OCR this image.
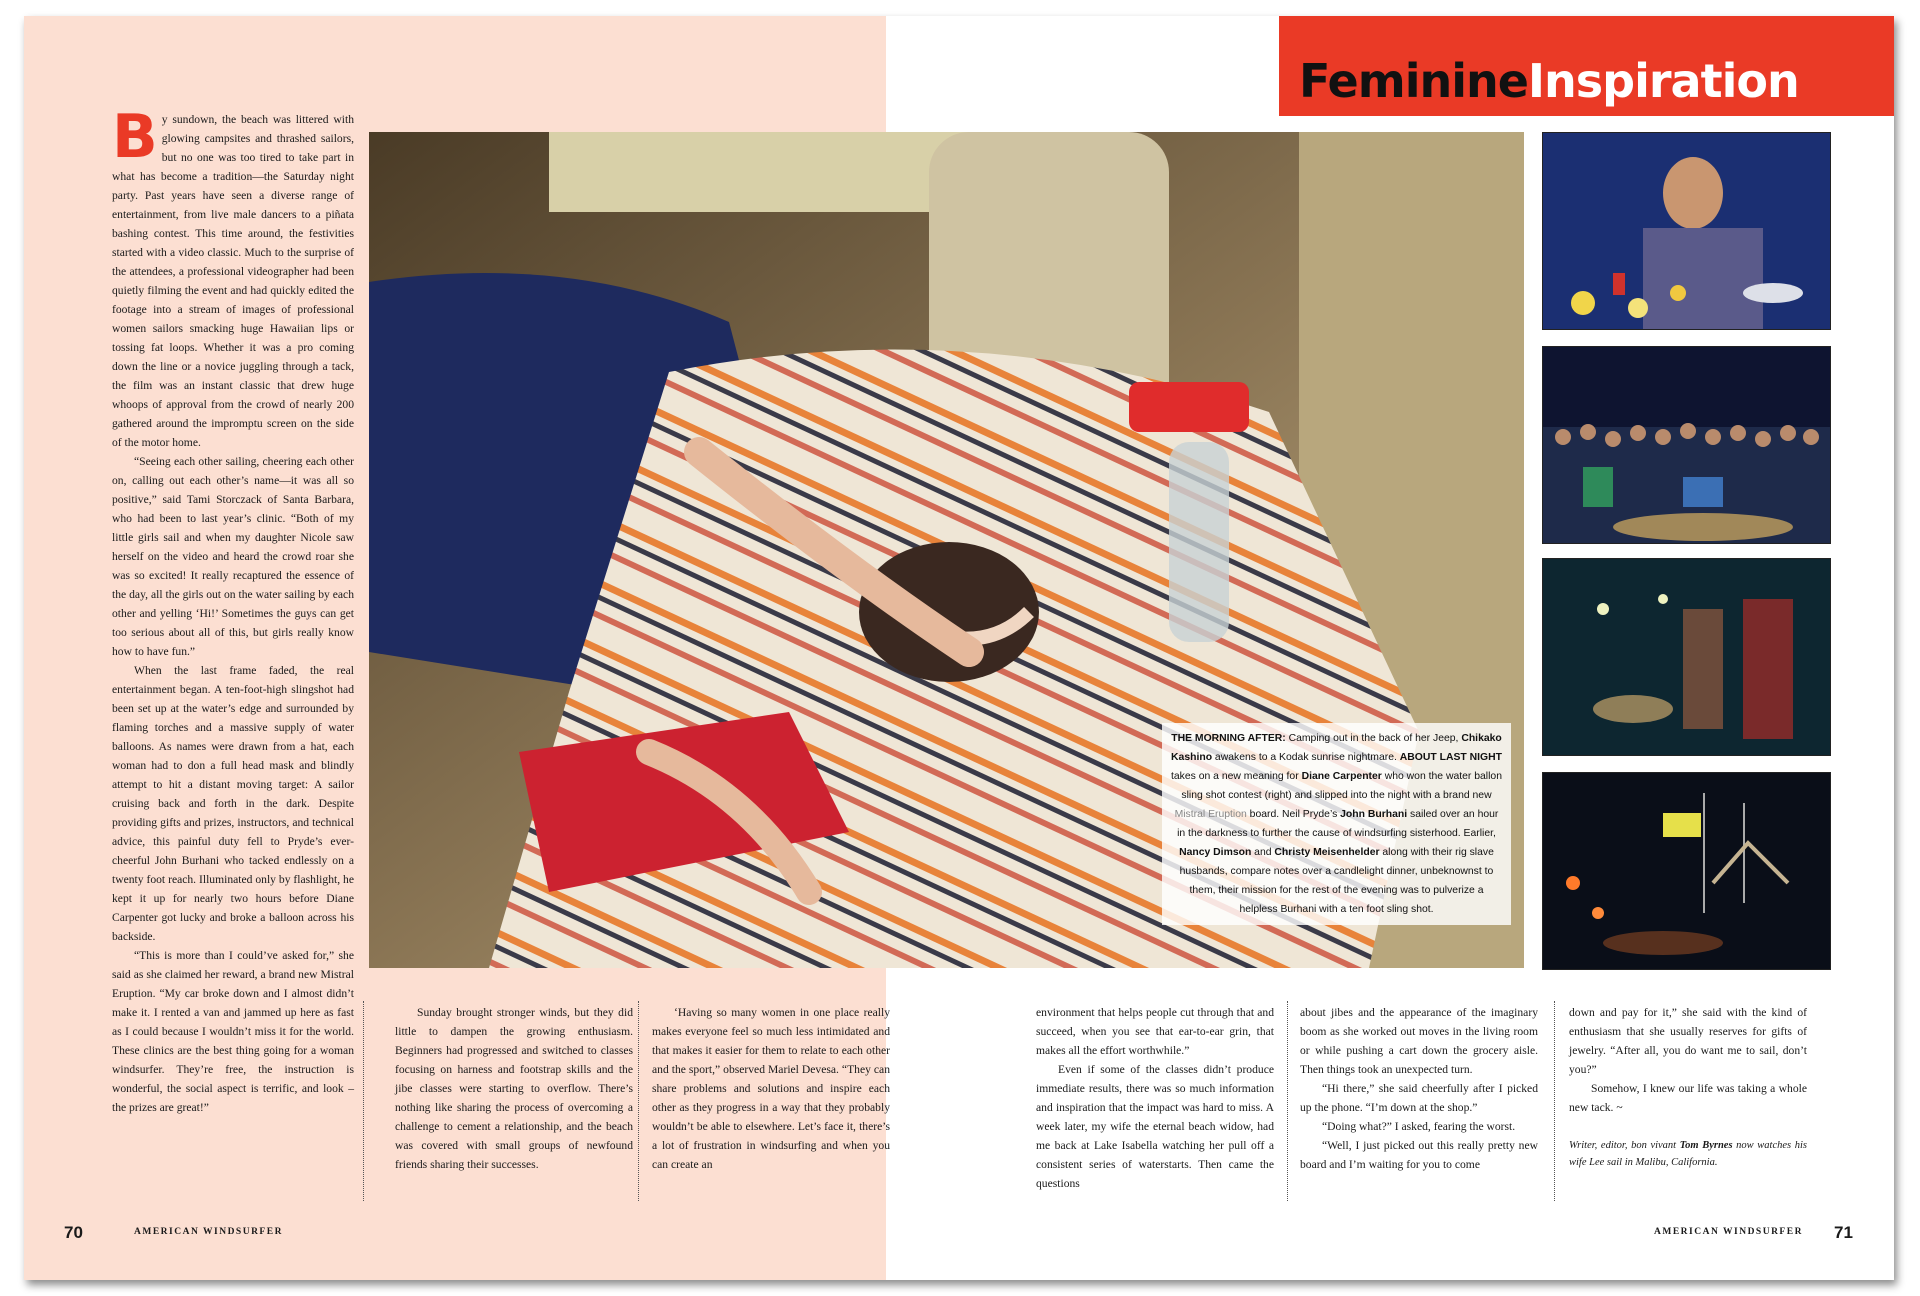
FeminineInspiration

By sundown, the beach was littered with glowing campsites and thrashed sailors, but no one was too tired to take part in what has become a tradition—the Saturday night party. Past years have seen a diverse range of entertainment, from live male dancers to a piñata bashing contest. This time around, the festivities started with a video classic. Much to the surprise of the attendees, a professional videographer had been quietly filming the event and had quickly edited the footage into a stream of images of professional women sailors smacking huge Hawaiian lips or tossing fat loops. Whether it was a pro coming down the line or a novice juggling through a tack, the film was an instant classic that drew huge whoops of approval from the crowd of nearly 200 gathered around the impromptu screen on the side of the motor home.

“Seeing each other sailing, cheering each other on, calling out each other’s name—it was all so positive,” said Tami Storczack of Santa Barbara, who had been to last year’s clinic. “Both of my little girls sail and when my daughter Nicole saw herself on the video and heard the crowd roar she was so excited! It really recaptured the essence of the day, all the girls out on the water sailing by each other and yelling ‘Hi!’ Sometimes the guys can get too serious about all of this, but girls really know how to have fun.”

When the last frame faded, the real entertainment began. A ten-foot-high slingshot had been set up at the water’s edge and surrounded by flaming torches and a massive supply of water balloons. As names were drawn from a hat, each woman had to don a full head mask and blindly attempt to hit a distant moving target: A sailor cruising back and forth in the dark. Despite providing gifts and prizes, instructors, and technical advice, this painful duty fell to Pryde’s ever-cheerful John Burhani who tacked endlessly on a twenty foot reach. Illuminated only by flashlight, he kept it up for nearly two hours before Diane Carpenter got lucky and broke a balloon across his backside.

“This is more than I could’ve asked for,” she said as she claimed her reward, a brand new Mistral Eruption. “My car broke down and I almost didn’t make it. I rented a van and jammed up here as fast as I could because I wouldn’t miss it for the world. These clinics are the best thing going for a woman windsurfer. They’re free, the instruction is wonderful, the social aspect is terrific, and look – the prizes are great!”

THE MORNING AFTER: Camping out in the back of her Jeep, Chikako Kashino awakens to a Kodak sunrise nightmare. ABOUT LAST NIGHT takes on a new meaning for Diane Carpenter who won the water ballon sling shot contest (right) and slipped into the night with a brand new Mistral Eruption board. Neil Pryde’s John Burhani sailed over an hour in the darkness to further the cause of windsurfing sisterhood. Earlier, Nancy Dimson and Christy Meisenhelder along with their rig slave husbands, compare notes over a candlelight dinner, unbeknownst to them, their mission for the rest of the evening was to pulverize a helpless Burhani with a ten foot sling shot.

Sunday brought stronger winds, but they did little to dampen the growing enthusiasm. Beginners had progressed and switched to classes focusing on harness and footstrap skills and the jibe classes were starting to overflow. There’s nothing like sharing the process of overcoming a challenge to cement a relationship, and the beach was covered with small groups of newfound friends sharing their successes.

‘Having so many women in one place really makes everyone feel so much less intimidated and that makes it easier for them to relate to each other and the sport,” observed Mariel Devesa. “They can share problems and solutions and inspire each other as they progress in a way that they probably wouldn’t be able to elsewhere. Let’s face it, there’s a lot of frustration in windsurfing and when you can create an

environment that helps people cut through that and succeed, when you see that ear-to-ear grin, that makes all the effort worthwhile.”

Even if some of the classes didn’t produce immediate results, there was so much information and inspiration that the impact was hard to miss. A week later, my wife the eternal beach widow, had me back at Lake Isabella watching her pull off a consistent series of waterstarts. Then came the questions

about jibes and the appearance of the imaginary boom as she worked out moves in the living room or while pushing a cart down the grocery aisle. Then things took an unexpected turn.

“Hi there,” she said cheerfully after I picked up the phone. “I’m down at the shop.”

“Doing what?” I asked, fearing the worst.

“Well, I just picked out this really pretty new board and I’m waiting for you to come

down and pay for it,” she said with the kind of enthusiasm that she usually reserves for gifts of jewelry. “After all, you do want me to sail, don’t you?”

Somehow, I knew our life was taking a whole new tack. ~

Writer, editor, bon vivant Tom Byrnes now watches his wife Lee sail in Malibu, California.

70	AMERICAN WINDSURFER	AMERICAN WINDSURFER 71
